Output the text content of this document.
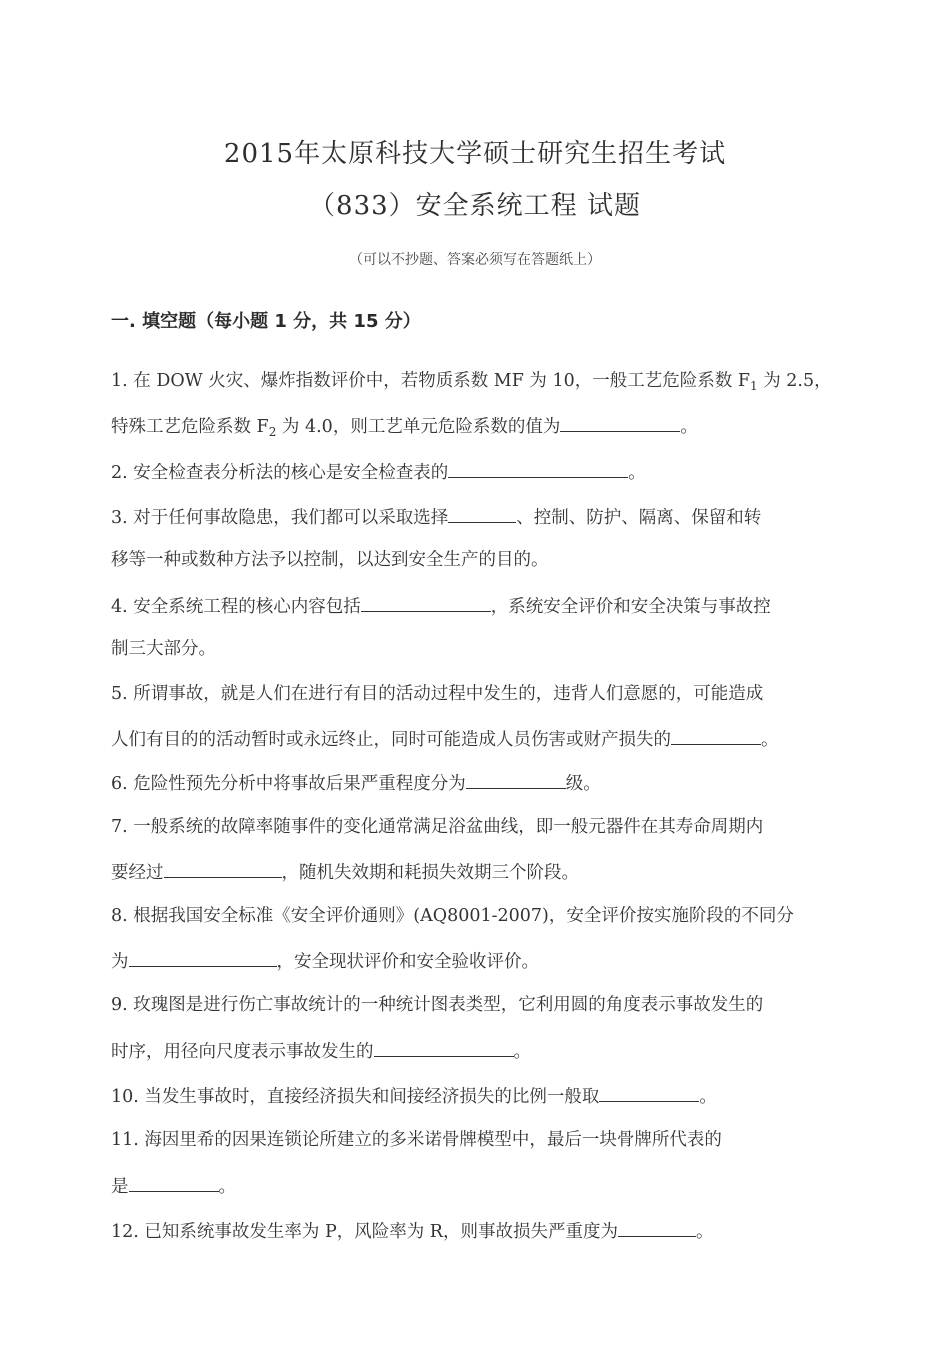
2015年太原科技大学硕士研究生招生考试
（833）安全系统工程 试题
（可以不抄题、答案必须写在答题纸上）
一. 填空题（每小题 1 分，共 15 分）
1. 在 DOW 火灾、爆炸指数评价中，若物质系数 MF 为 10，一般工艺危险系数 $F_1$ 为 2.5，
特殊工艺危险系数 $F_2$ 为 4.0，则工艺单元危险系数的值为	。
2. 安全检查表分析法的核心是安全检查表的	。
3. 对于任何事故隐患，我们都可以采取选择	、控制、防护、隔离、保留和转
移等一种或数种方法予以控制，以达到安全生产的目的。
4. 安全系统工程的核心内容包括	，系统安全评价和安全决策与事故控
制三大部分。
5. 所谓事故，就是人们在进行有目的活动过程中发生的，违背人们意愿的，可能造成
人们有目的的活动暂时或永远终止，同时可能造成人员伤害或财产损失的	。
6. 危险性预先分析中将事故后果严重程度分为	级。
7. 一般系统的故障率随事件的变化通常满足浴盆曲线，即一般元器件在其寿命周期内
要经过	，随机失效期和耗损失效期三个阶段。
8. 根据我国安全标准《安全评价通则》(AQ8001-2007)，安全评价按实施阶段的不同分
为	，安全现状评价和安全验收评价。
9. 玫瑰图是进行伤亡事故统计的一种统计图表类型，它利用圆的角度表示事故发生的
时序，用径向尺度表示事故发生的	。
10. 当发生事故时，直接经济损失和间接经济损失的比例一般取	。
11. 海因里希的因果连锁论所建立的多米诺骨牌模型中，最后一块骨牌所代表的
是	。
12. 已知系统事故发生率为 P，风险率为 R，则事故损失严重度为	。
